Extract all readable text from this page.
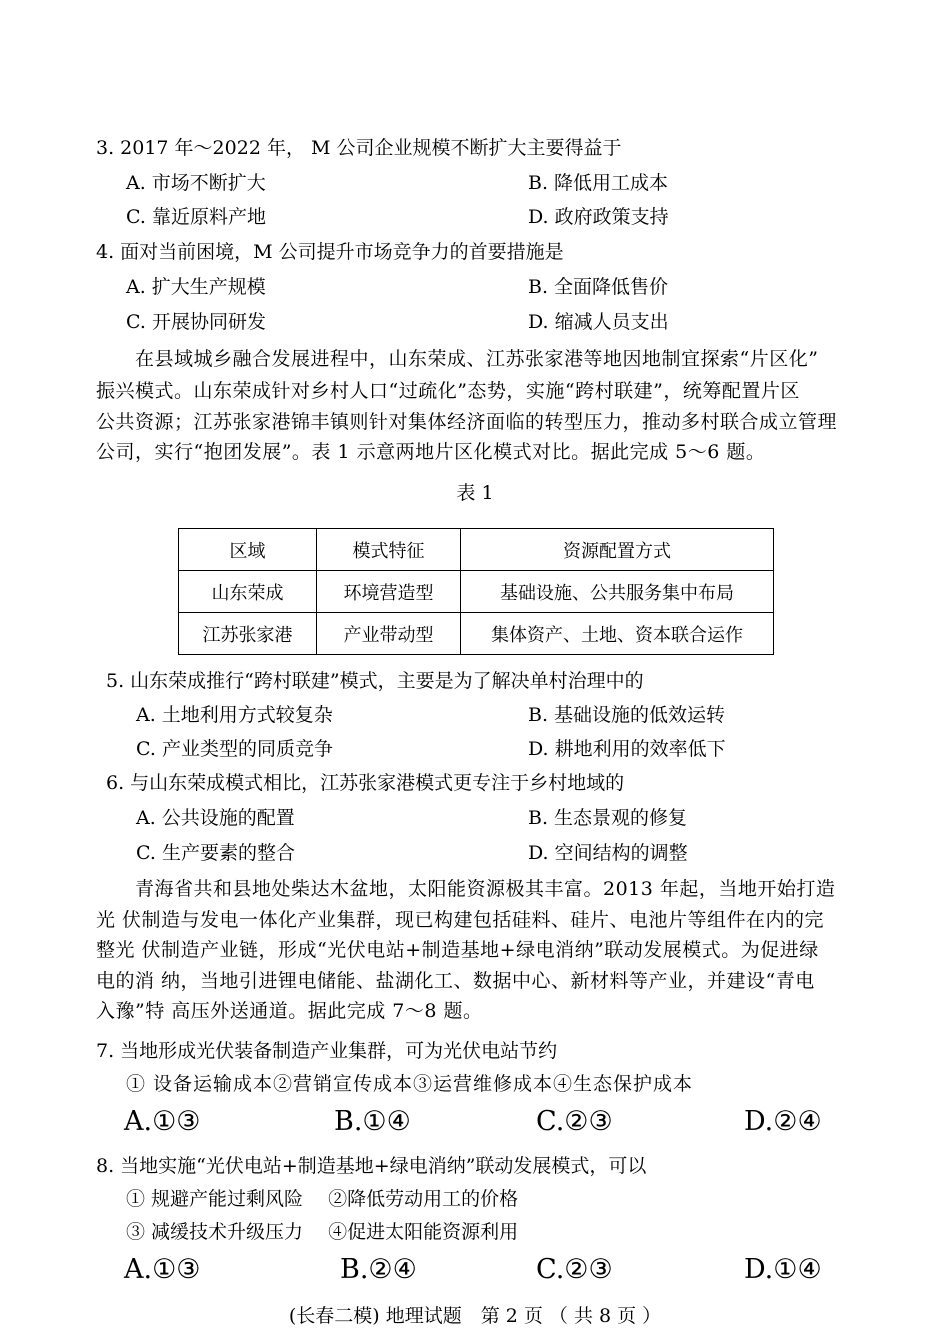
3. 2017 年～2022 年， M 公司企业规模不断扩大主要得益于
A. 市场不断扩大	B. 降低用工成本
C. 靠近原料产地	D. 政府政策支持
4. 面对当前困境，M 公司提升市场竞争力的首要措施是
A. 扩大生产规模	B. 全面降低售价
C. 开展协同研发	D. 缩减人员支出
　　在县域城乡融合发展进程中，山东荣成、江苏张家港等地因地制宜探索“片区化”
振兴模式。山东荣成针对乡村人口“过疏化”态势，实施“跨村联建”，统筹配置片区
公共资源；江苏张家港锦丰镇则针对集体经济面临的转型压力，推动多村联合成立管理
公司，实行“抱团发展”。表 1 示意两地片区化模式对比。据此完成 5～6 题。
表 1
区域	模式特征	资源配置方式
山东荣成	环境营造型	基础设施、公共服务集中布局
江苏张家港	产业带动型	集体资产、土地、资本联合运作
5. 山东荣成推行“跨村联建”模式，主要是为了解决单村治理中的
A. 土地利用方式较复杂	B. 基础设施的低效运转
C. 产业类型的同质竞争	D. 耕地利用的效率低下
6. 与山东荣成模式相比，江苏张家港模式更专注于乡村地域的
A. 公共设施的配置	B. 生态景观的修复
C. 生产要素的整合	D. 空间结构的调整
　　青海省共和县地处柴达木盆地，太阳能资源极其丰富。2013 年起，当地开始打造
光 伏制造与发电一体化产业集群，现已构建包括硅料、硅片、电池片等组件在内的完
整光 伏制造产业链，形成“光伏电站+制造基地+绿电消纳”联动发展模式。为促进绿
电的消 纳，当地引进锂电储能、盐湖化工、数据中心、新材料等产业，并建设“青电
入豫”特 高压外送通道。据此完成 7～8 题。
7. 当地形成光伏装备制造产业集群，可为光伏电站节约
① 设备运输成本②营销宣传成本③运营维修成本④生态保护成本
A.①③	B.①④	C.②③	D.②④
8. 当地实施“光伏电站+制造基地+绿电消纳”联动发展模式，可以
① 规避产能过剩风险　 ②降低劳动用工的价格
③ 减缓技术升级压力　 ④促进太阳能资源利用
A.①③	B.②④	C.②③	D.①④
(长春二模) 地理试题　第 2 页 （ 共 8 页 ）
